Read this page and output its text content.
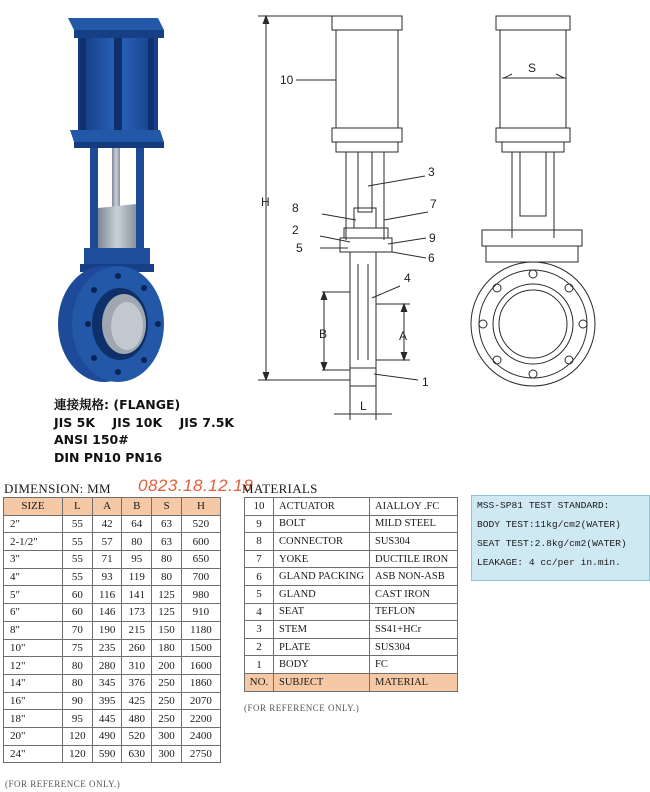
10
3
8	7
2
9
5
6
4
1
H
B	A
L
S
連接規格: (FLANGE)
JIS 5K    JIS 10K    JIS 7.5K
ANSI 150#
DIN PN10 PN16
DIMENSION: MM 0823.18.12.18
MATERIALS
SIZE	L	A	B	S	H
2"	55	42	64	63	520
2-1/2"	55	57	80	63	600
3"	55	71	95	80	650
4"	55	93	119	80	700
5"	60	116	141	125	980
6"	60	146	173	125	910
8"	70	190	215	150	1180
10"	75	235	260	180	1500
12"	80	280	310	200	1600
14"	80	345	376	250	1860
16"	90	395	425	250	2070
18"	95	445	480	250	2200
20"	120	490	520	300	2400
24"	120	590	630	300	2750
(FOR REFERENCE ONLY.)
10	ACTUATOR	AIALLOY .FC
9	BOLT	MILD STEEL
8	CONNECTOR	SUS304
7	YOKE	DUCTILE IRON
6	GLAND PACKING	ASB NON-ASB
5	GLAND	CAST IRON
4	SEAT	TEFLON
3	STEM	SS41+HCr
2	PLATE	SUS304
1	BODY	FC
NO.	SUBJECT	MATERIAL
(FOR REFERENCE ONLY.)
MSS-SP81 TEST STANDARD:
BODY TEST:11kg/cm2(WATER)
SEAT TEST:2.8kg/cm2(WATER)
LEAKAGE: 4 cc/per in.min.
